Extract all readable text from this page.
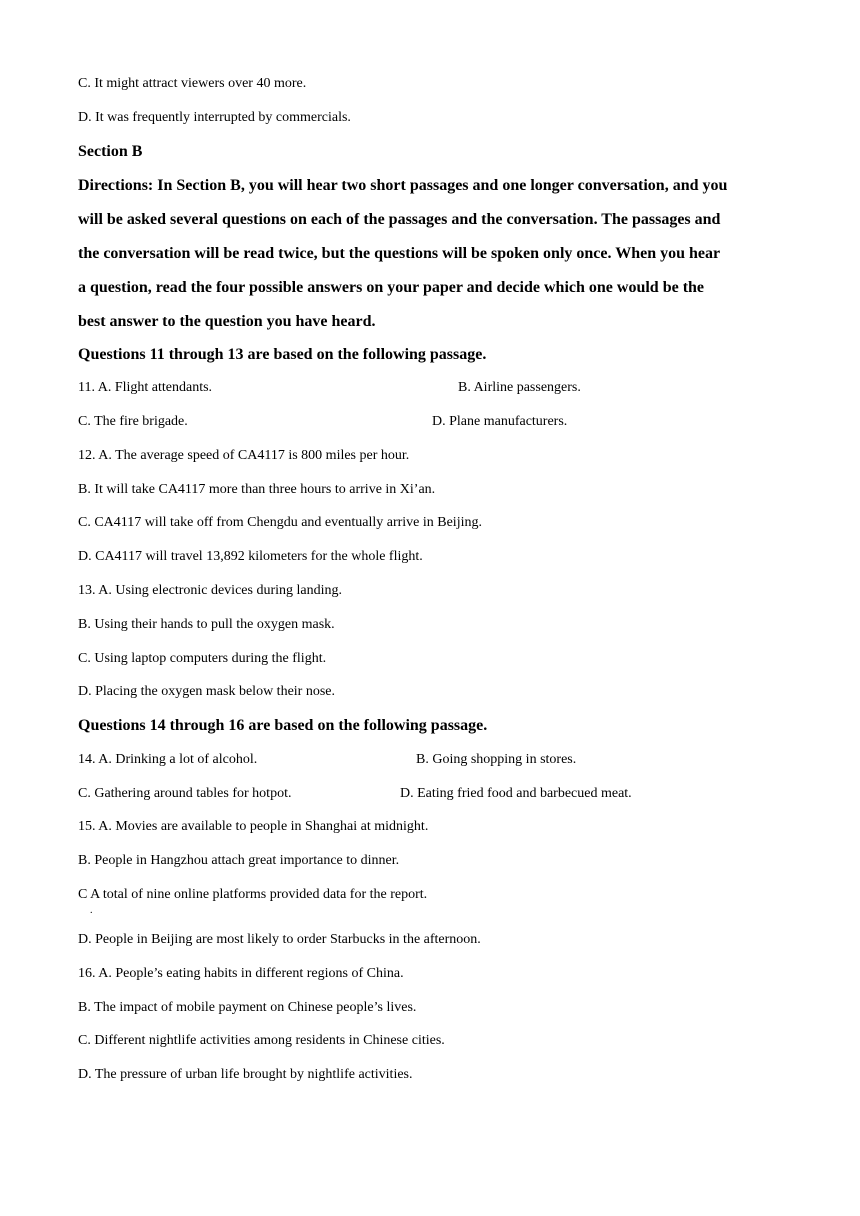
C. It might attract viewers over 40 more.
D. It was frequently interrupted by commercials.
Section B
Directions: In Section B, you will hear two short passages and one longer conversation, and you
will be asked several questions on each of the passages and the conversation. The passages and
the conversation will be read twice, but the questions will be spoken only once. When you hear
a question, read the four possible answers on your paper and decide which one would be the
best answer to the question you have heard.
Questions 11 through 13 are based on the following passage.
11. A. Flight attendants.	B. Airline passengers.
C. The fire brigade.	D. Plane manufacturers.
12. A. The average speed of CA4117 is 800 miles per hour.
B. It will take CA4117 more than three hours to arrive in Xi’an.
C. CA4117 will take off from Chengdu and eventually arrive in Beijing.
D. CA4117 will travel 13,892 kilometers for the whole flight.
13. A. Using electronic devices during landing.
B. Using their hands to pull the oxygen mask.
C. Using laptop computers during the flight.
D. Placing the oxygen mask below their nose.
Questions 14 through 16 are based on the following passage.
14. A. Drinking a lot of alcohol.	B. Going shopping in stores.
C. Gathering around tables for hotpot.	D. Eating fried food and barbecued meat.
15. A. Movies are available to people in Shanghai at midnight.
B. People in Hangzhou attach great importance to dinner.
C A total of nine online platforms provided data for the report.
.
D. People in Beijing are most likely to order Starbucks in the afternoon.
16. A. People’s eating habits in different regions of China.
B. The impact of mobile payment on Chinese people’s lives.
C. Different nightlife activities among residents in Chinese cities.
D. The pressure of urban life brought by nightlife activities.
